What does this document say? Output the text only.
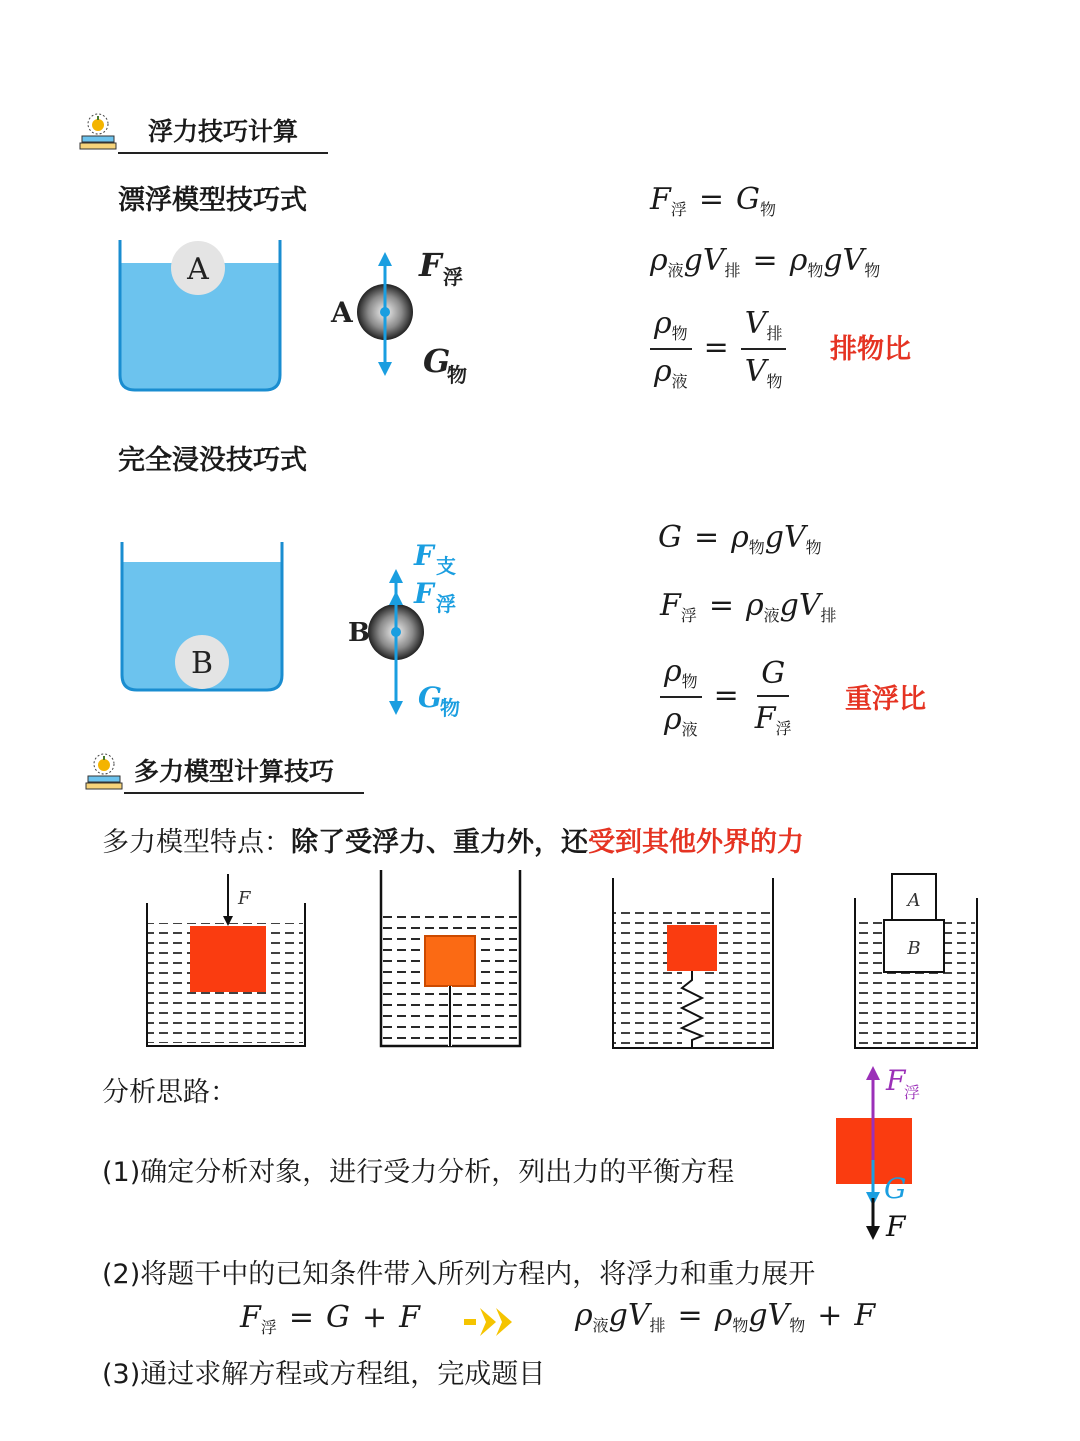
浮力技巧计算
漂浮模型技巧式
A
A
F 浮
G
物
$F_浮 = G_物$
$\rho_液gV_排 = \rho_物gV_物$
$\frac{\rho_物}{\rho_液} = \frac{V_排}{V_物}$ 排物比
完全浸没技巧式
B
B
F 支
F 浮
G
物
$G = \rho_物gV_物$
$F_浮 = \rho_液gV_排$
$\frac{\rho_物}{\rho_液} = \frac{G}{F_浮}$ 重浮比
多力模型计算技巧
多力模型特点：除了受浮力、重力外，还受到其他外界的力
F	A
B
分析思路：
(1)确定分析对象，进行受力分析，列出力的平衡方程
F
浮
G
F
(2)将题干中的已知条件带入所列方程内，将浮力和重力展开
$F_浮 = G + F$	$\rho_液gV_排 = \rho_物gV_物 + F$
(3)通过求解方程或方程组，完成题目
